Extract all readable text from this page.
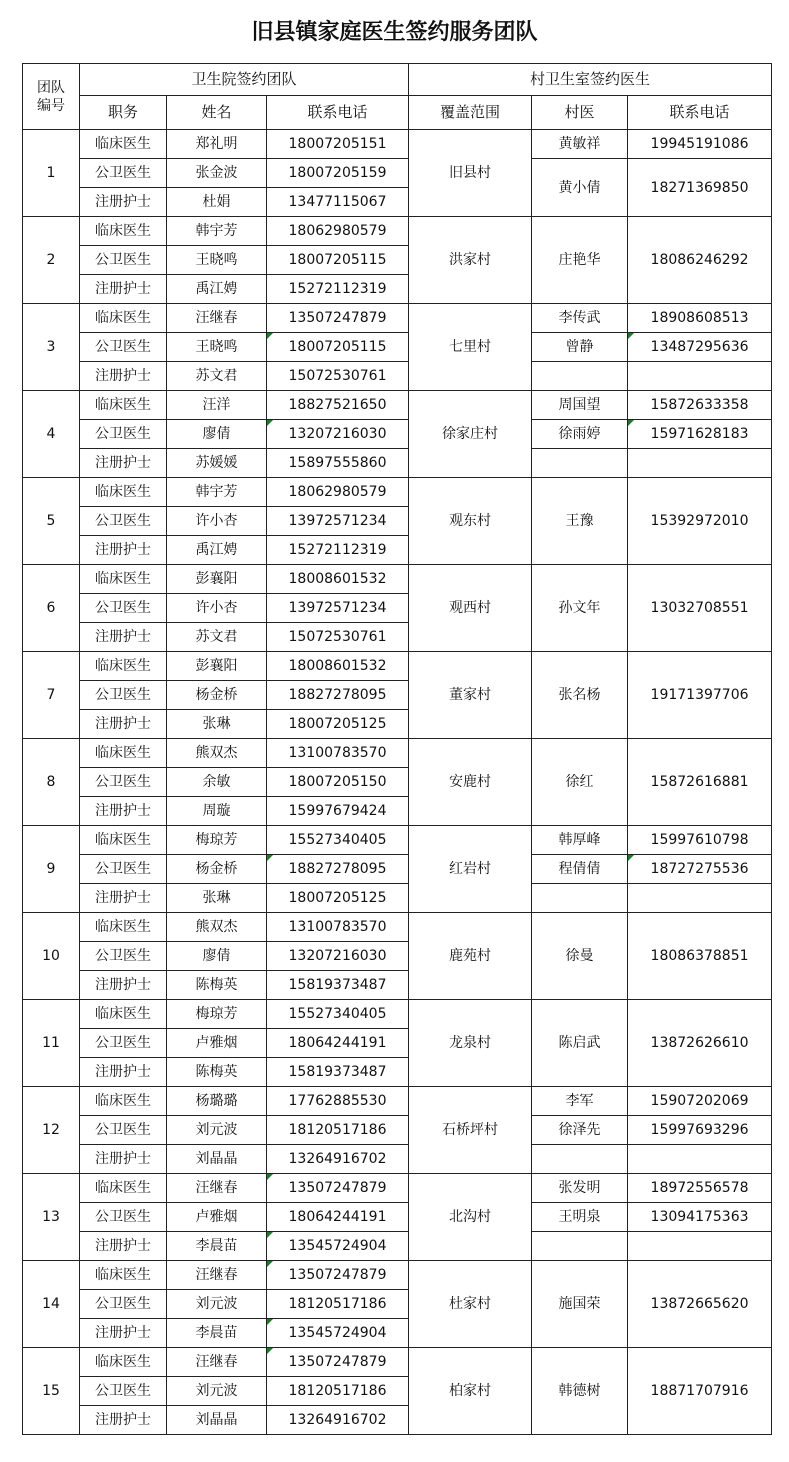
旧县镇家庭医生签约服务团队
团队
编号	卫生院签约团队			村卫生室签约医生		
	职务	姓名	联系电话	覆盖范围	村医	联系电话
1	临床医生	郑礼明	18007205151	旧县村	黄敏祥	19945191086
	公卫医生	张金波	18007205159		黄小倩	18271369850
	注册护士	杜娟	13477115067			
2	临床医生	韩宇芳	18062980579	洪家村	庄艳华	18086246292
	公卫医生	王晓鸣	18007205115			
	注册护士	禹江娉	15272112319			
3	临床医生	汪继春	13507247879	七里村	李传武	18908608513
	公卫医生	王晓鸣	18007205115		曾静	13487295636
	注册护士	苏文君	15072530761			
4	临床医生	汪洋	18827521650	徐家庄村	周国望	15872633358
	公卫医生	廖倩	13207216030		徐雨婷	15971628183
	注册护士	苏媛媛	15897555860			
5	临床医生	韩宇芳	18062980579	观东村	王豫	15392972010
	公卫医生	许小杏	13972571234			
	注册护士	禹江娉	15272112319			
6	临床医生	彭襄阳	18008601532	观西村	孙文年	13032708551
	公卫医生	许小杏	13972571234			
	注册护士	苏文君	15072530761			
7	临床医生	彭襄阳	18008601532	董家村	张名杨	19171397706
	公卫医生	杨金桥	18827278095			
	注册护士	张琳	18007205125			
8	临床医生	熊双杰	13100783570	安鹿村	徐红	15872616881
	公卫医生	余敏	18007205150			
	注册护士	周璇	15997679424			
9	临床医生	梅琼芳	15527340405	红岩村	韩厚峰	15997610798
	公卫医生	杨金桥	18827278095		程倩倩	18727275536
	注册护士	张琳	18007205125			
10	临床医生	熊双杰	13100783570	鹿苑村	徐曼	18086378851
	公卫医生	廖倩	13207216030			
	注册护士	陈梅英	15819373487			
11	临床医生	梅琼芳	15527340405	龙泉村	陈启武	13872626610
	公卫医生	卢雅烟	18064244191			
	注册护士	陈梅英	15819373487			
12	临床医生	杨璐璐	17762885530	石桥坪村	李军	15907202069
	公卫医生	刘元波	18120517186		徐泽先	15997693296
	注册护士	刘晶晶	13264916702			
13	临床医生	汪继春	13507247879	北沟村	张发明	18972556578
	公卫医生	卢雅烟	18064244191		王明泉	13094175363
	注册护士	李晨苗	13545724904			
14	临床医生	汪继春	13507247879	杜家村	施国荣	13872665620
	公卫医生	刘元波	18120517186			
	注册护士	李晨苗	13545724904			
15	临床医生	汪继春	13507247879	柏家村	韩德树	18871707916
	公卫医生	刘元波	18120517186			
	注册护士	刘晶晶	13264916702			
